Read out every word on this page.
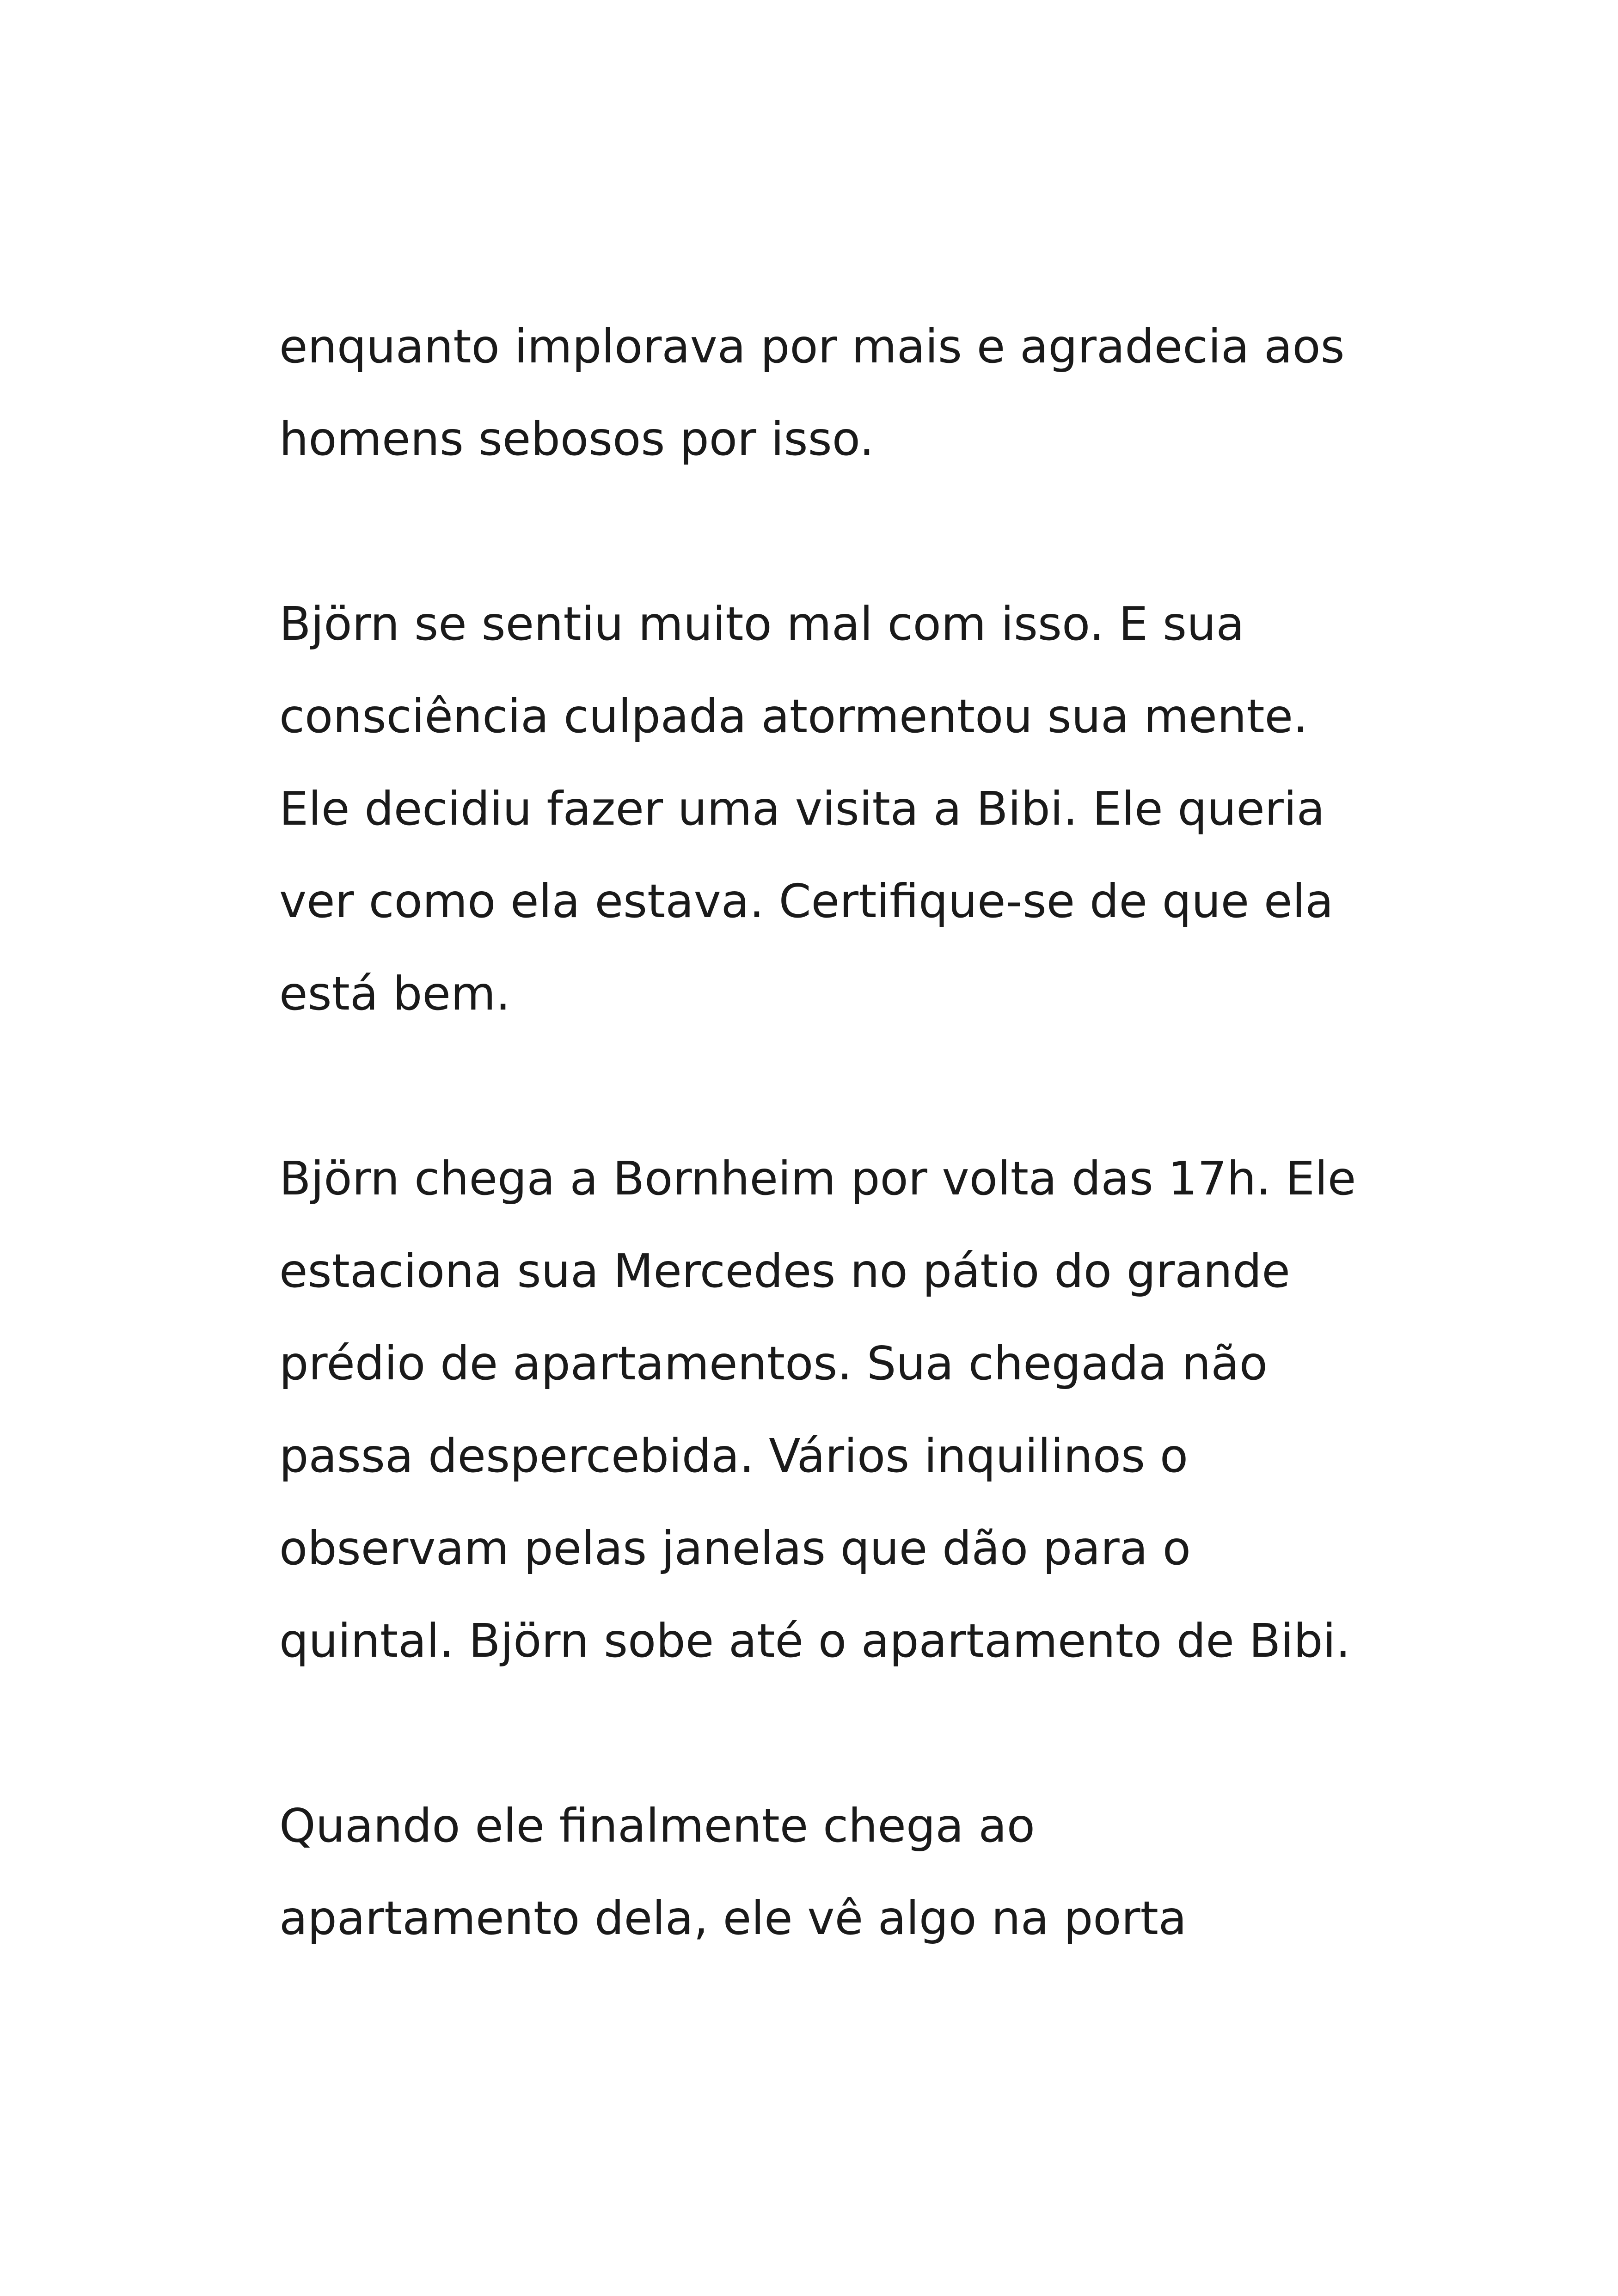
enquanto implorava por mais e agradecia aos
homens sebosos por isso.
Björn se sentiu muito mal com isso. E sua
consciência culpada atormentou sua mente.
Ele decidiu fazer uma visita a Bibi. Ele queria
ver como ela estava. Certifique-se de que ela
está bem.
Björn chega a Bornheim por volta das 17h. Ele
estaciona sua Mercedes no pátio do grande
prédio de apartamentos. Sua chegada não
passa despercebida. Vários inquilinos o
observam pelas janelas que dão para o
quintal. Björn sobe até o apartamento de Bibi.
Quando ele finalmente chega ao
apartamento dela, ele vê algo na porta
